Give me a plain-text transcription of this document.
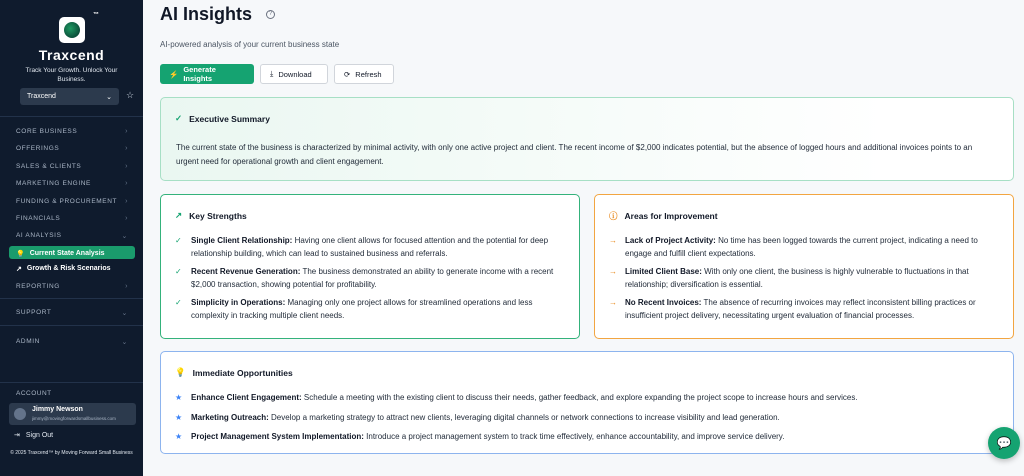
™
Traxcend
Track Your Growth. Unlock Your Business.
Traxcend	⌄ ☆
CORE BUSINESS	›
OFFERINGS	›
SALES & CLIENTS	›
MARKETING ENGINE	›
FUNDING & PROCUREMENT ›
FINANCIALS	›
AI ANALYSIS	⌄
💡 Current State Analysis
↗ Growth & Risk Scenarios
REPORTING	›
SUPPORT	⌄
ADMIN	⌄
ACCOUNT
Jimmy Newson
jimmy@movingforwardsmallbusiness.com
⇥ Sign Out
© 2025 Traxcend™ by Moving Forward Small Business
AI Insights	?
AI-powered analysis of your current business state
⚡ Generate Insights
⤓ Download	⟳ Refresh
✓ Executive Summary

The current state of the business is characterized by minimal activity, with only one active project and client. The recent income of $2,000 indicates potential, but the absence of logged hours and additional invoices points to an urgent need for operational growth and client engagement.

↗ Key Strengths
✓ Single Client Relationship: Having one client allows for focused attention and the potential for deep relationship building, which can lead to sustained business and referrals.
✓ Recent Revenue Generation: The business demonstrated an ability to generate income with a recent $2,000 transaction, showing potential for profitability.
✓ Simplicity in Operations: Managing only one project allows for streamlined operations and less complexity in tracking multiple client needs.
ⓘ Areas for Improvement
→ Lack of Project Activity: No time has been logged towards the current project, indicating a need to engage and fulfill client expectations.
→ Limited Client Base: With only one client, the business is highly vulnerable to fluctuations in that relationship; diversification is essential.
→ No Recent Invoices: The absence of recurring invoices may reflect inconsistent billing practices or insufficient project delivery, necessitating urgent evaluation of financial processes.
💡 Immediate Opportunities
★ Enhance Client Engagement: Schedule a meeting with the existing client to discuss their needs, gather feedback, and explore expanding the project scope to increase hours and services.
★ Marketing Outreach: Develop a marketing strategy to attract new clients, leveraging digital channels or network connections to increase visibility and lead generation.
★ Project Management System Implementation: Introduce a project management system to track time effectively, enhance accountability, and improve service delivery.	💬
